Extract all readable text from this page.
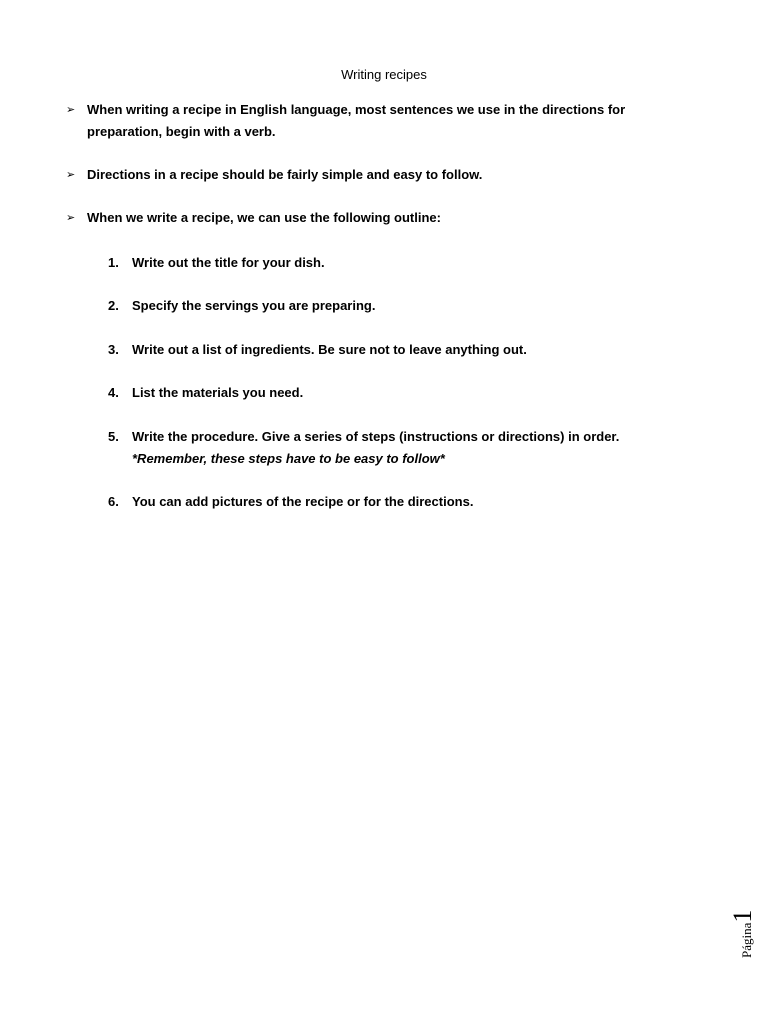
Writing recipes
➢ When writing a recipe in English language, most sentences we use in the directions for
preparation, begin with a verb.
➢ Directions in a recipe should be fairly simple and easy to follow.
➢ When we write a recipe, we can use the following outline:
1.	Write out the title for your dish.
2.	Specify the servings you are preparing.
3.	Write out a list of ingredients. Be sure not to leave anything out.
4.	List the materials you need.
5.	Write the procedure. Give a series of steps (instructions or directions) in order.
*Remember, these steps have to be easy to follow*
6.	You can add pictures of the recipe or for the directions.
Página1
